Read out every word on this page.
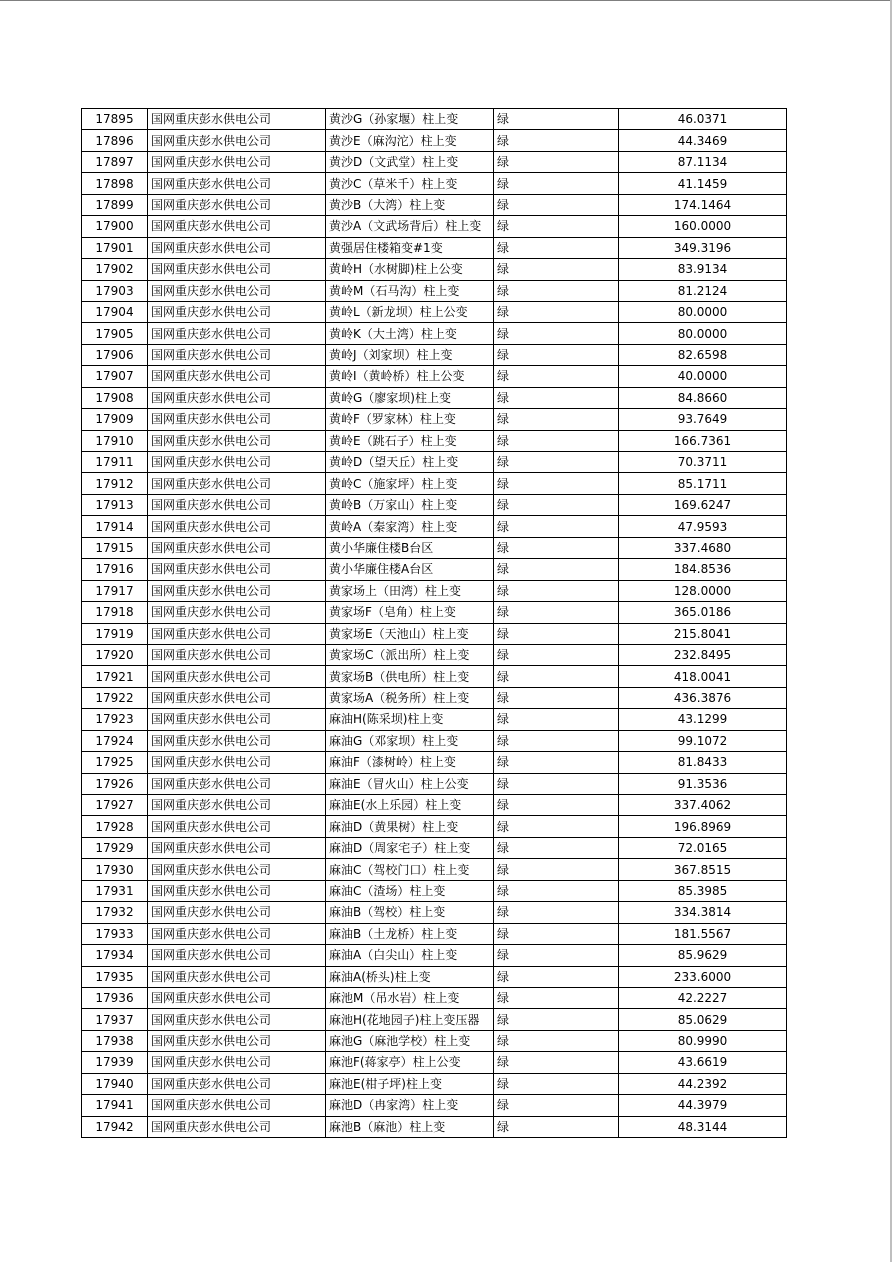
17895	国网重庆彭水供电公司	黄沙G（孙家堰）柱上变	绿	46.0371
17896	国网重庆彭水供电公司	黄沙E（麻沟沱）柱上变	绿	44.3469
17897	国网重庆彭水供电公司	黄沙D（文武堂）柱上变	绿	87.1134
17898	国网重庆彭水供电公司	黄沙C（草米千）柱上变	绿	41.1459
17899	国网重庆彭水供电公司	黄沙B（大湾）柱上变	绿	174.1464
17900	国网重庆彭水供电公司	黄沙A（文武场背后）柱上变	绿	160.0000
17901	国网重庆彭水供电公司	黄强居住楼箱变#1变	绿	349.3196
17902	国网重庆彭水供电公司	黄岭H（水树脚)柱上公变	绿	83.9134
17903	国网重庆彭水供电公司	黄岭M（石马沟）柱上变	绿	81.2124
17904	国网重庆彭水供电公司	黄岭L（新龙坝）柱上公变	绿	80.0000
17905	国网重庆彭水供电公司	黄岭K（大土湾）柱上变	绿	80.0000
17906	国网重庆彭水供电公司	黄岭J（刘家坝）柱上变	绿	82.6598
17907	国网重庆彭水供电公司	黄岭I（黄岭桥）柱上公变	绿	40.0000
17908	国网重庆彭水供电公司	黄岭G（廖家坝)柱上变	绿	84.8660
17909	国网重庆彭水供电公司	黄岭F（罗家林）柱上变	绿	93.7649
17910	国网重庆彭水供电公司	黄岭E（跳石子）柱上变	绿	166.7361
17911	国网重庆彭水供电公司	黄岭D（望天丘）柱上变	绿	70.3711
17912	国网重庆彭水供电公司	黄岭C（施家坪）柱上变	绿	85.1711
17913	国网重庆彭水供电公司	黄岭B（万家山）柱上变	绿	169.6247
17914	国网重庆彭水供电公司	黄岭A（秦家湾）柱上变	绿	47.9593
17915	国网重庆彭水供电公司	黄小华廉住楼B台区	绿	337.4680
17916	国网重庆彭水供电公司	黄小华廉住楼A台区	绿	184.8536
17917	国网重庆彭水供电公司	黄家场上（田湾）柱上变	绿	128.0000
17918	国网重庆彭水供电公司	黄家场F（皂角）柱上变	绿	365.0186
17919	国网重庆彭水供电公司	黄家场E（天池山）柱上变	绿	215.8041
17920	国网重庆彭水供电公司	黄家场C（派出所）柱上变	绿	232.8495
17921	国网重庆彭水供电公司	黄家场B（供电所）柱上变	绿	418.0041
17922	国网重庆彭水供电公司	黄家场A（税务所）柱上变	绿	436.3876
17923	国网重庆彭水供电公司	麻油H(陈采坝)柱上变	绿	43.1299
17924	国网重庆彭水供电公司	麻油G（邓家坝）柱上变	绿	99.1072
17925	国网重庆彭水供电公司	麻油F（漆树岭）柱上变	绿	81.8433
17926	国网重庆彭水供电公司	麻油E（冒火山）柱上公变	绿	91.3536
17927	国网重庆彭水供电公司	麻油E(水上乐园）柱上变	绿	337.4062
17928	国网重庆彭水供电公司	麻油D（黄果树）柱上变	绿	196.8969
17929	国网重庆彭水供电公司	麻油D（周家宅子）柱上变	绿	72.0165
17930	国网重庆彭水供电公司	麻油C（驾校门口）柱上变	绿	367.8515
17931	国网重庆彭水供电公司	麻油C（渣场）柱上变	绿	85.3985
17932	国网重庆彭水供电公司	麻油B（驾校）柱上变	绿	334.3814
17933	国网重庆彭水供电公司	麻油B（土龙桥）柱上变	绿	181.5567
17934	国网重庆彭水供电公司	麻油A（白尖山）柱上变	绿	85.9629
17935	国网重庆彭水供电公司	麻油A(桥头)柱上变	绿	233.6000
17936	国网重庆彭水供电公司	麻池M（吊水岩）柱上变	绿	42.2227
17937	国网重庆彭水供电公司	麻池H(花地园子)柱上变压器	绿	85.0629
17938	国网重庆彭水供电公司	麻池G（麻池学校）柱上变	绿	80.9990
17939	国网重庆彭水供电公司	麻池F(蒋家亭）柱上公变	绿	43.6619
17940	国网重庆彭水供电公司	麻池E(柑子坪)柱上变	绿	44.2392
17941	国网重庆彭水供电公司	麻池D（冉家湾）柱上变	绿	44.3979
17942	国网重庆彭水供电公司	麻池B（麻池）柱上变	绿	48.3144
